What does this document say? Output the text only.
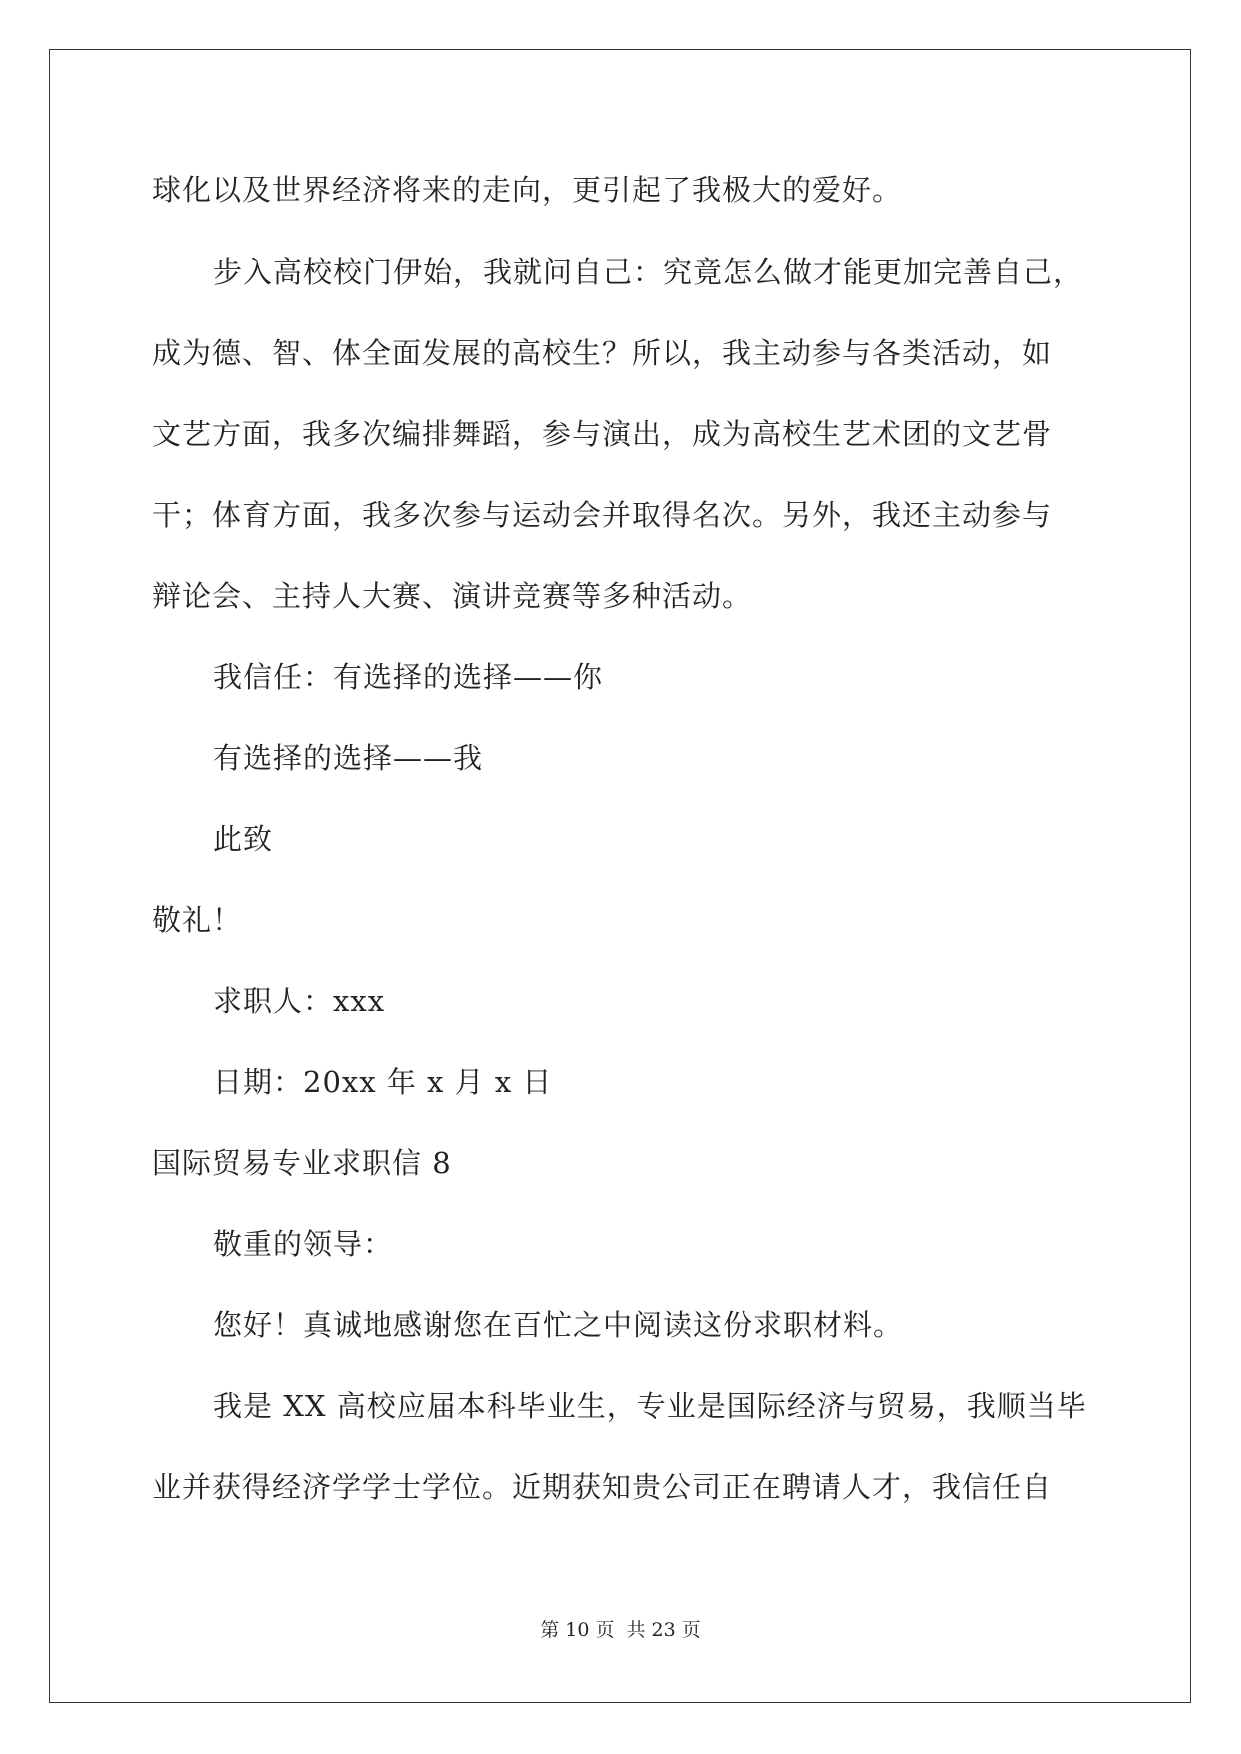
球化以及世界经济将来的走向，更引起了我极大的爱好。
步入高校校门伊始，我就问自己：究竟怎么做才能更加完善自己，
成为德、智、体全面发展的高校生？所以，我主动参与各类活动，如
文艺方面，我多次编排舞蹈，参与演出，成为高校生艺术团的文艺骨
干；体育方面，我多次参与运动会并取得名次。另外，我还主动参与
辩论会、主持人大赛、演讲竞赛等多种活动。
我信任：有选择的选择——你
有选择的选择——我
此致
敬礼！
求职人：xxx
日期：20xx 年 x 月 x 日
国际贸易专业求职信 8
敬重的领导：
您好！真诚地感谢您在百忙之中阅读这份求职材料。
我是 XX 高校应届本科毕业生，专业是国际经济与贸易，我顺当毕
业并获得经济学学士学位。近期获知贵公司正在聘请人才，我信任自
第 10 页 共 23 页
